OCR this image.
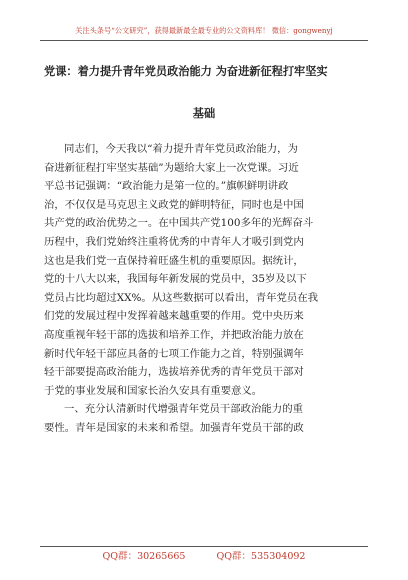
关注头条号“公文研究”，获得最新最全最专业的公文资料库！ 微信：gongwenyj
党课：着力提升青年党员政治能力 为奋进新征程打牢坚实
基础
同志们，今天我以“着力提升青年党员政治能力，为
奋进新征程打牢坚实基础”为题给大家上一次党课。习近
平总书记强调：“政治能力是第一位的。”旗帜鲜明讲政
治，不仅仅是马克思主义政党的鲜明特征，同时也是中国
共产党的政治优势之一。在中国共产党100多年的光辉奋斗
历程中，我们党始终注重将优秀的中青年人才吸引到党内
这也是我们党一直保持着旺盛生机的重要原因。据统计，
党的十八大以来，我国每年新发展的党员中，35岁及以下
党员占比均超过XX%。从这些数据可以看出，青年党员在我
们党的发展过程中发挥着越来越重要的作用。党中央历来
高度重视年轻干部的选拔和培养工作，并把政治能力放在
新时代年轻干部应具备的七项工作能力之首，特别强调年
轻干部要提高政治能力，选拔培养优秀的青年党员干部对
于党的事业发展和国家长治久安具有重要意义。
一、充分认清新时代增强青年党员干部政治能力的重
要性。青年是国家的未来和希望。加强青年党员干部的政
QQ群：30265665	QQ群：535304092
